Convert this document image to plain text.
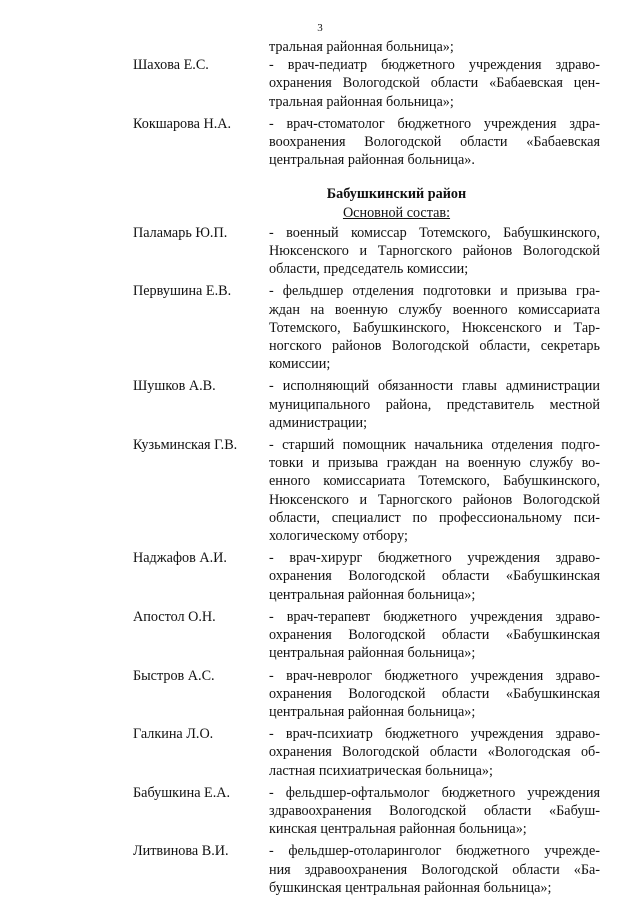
3
тральная районная больница»;
Шахова Е.С.	- врач-педиатр бюджетного учреждения здраво-
охранения Вологодской области «Бабаевская цен-
тральная районная больница»;
Кокшарова Н.А.	- врач-стоматолог бюджетного учреждения здра-
воохранения Вологодской области «Бабаевская
центральная районная больница».
Бабушкинский район
Основной состав:
Паламарь Ю.П.	- военный комиссар Тотемского, Бабушкинского,
Нюксенского и Тарногского районов Вологодской
области, председатель комиссии;
Первушина Е.В.	- фельдшер отделения подготовки и призыва гра-
ждан на военную службу военного комиссариата
Тотемского, Бабушкинского, Нюксенского и Тар-
ногского районов Вологодской области, секретарь
комиссии;
Шушков А.В.	- исполняющий обязанности главы администрации
муниципального района, представитель местной
администрации;
Кузьминская Г.В.	- старший помощник начальника отделения подго-
товки и призыва граждан на военную службу во-
енного комиссариата Тотемского, Бабушкинского,
Нюксенского и Тарногского районов Вологодской
области, специалист по профессиональному пси-
хологическому отбору;
Наджафов А.И.	- врач-хирург бюджетного учреждения здраво-
охранения Вологодской области «Бабушкинская
центральная районная больница»;
Апостол О.Н.	- врач-терапевт бюджетного учреждения здраво-
охранения Вологодской области «Бабушкинская
центральная районная больница»;
Быстров А.С.	- врач-невролог бюджетного учреждения здраво-
охранения Вологодской области «Бабушкинская
центральная районная больница»;
Галкина Л.О.	- врач-психиатр бюджетного учреждения здраво-
охранения Вологодской области «Вологодская об-
ластная психиатрическая больница»;
Бабушкина Е.А.	- фельдшер-офтальмолог бюджетного учреждения
здравоохранения Вологодской области «Бабуш-
кинская центральная районная больница»;
Литвинова В.И.	- фельдшер-отоларинголог бюджетного учрежде-
ния здравоохранения Вологодской области «Ба-
бушкинская центральная районная больница»;
